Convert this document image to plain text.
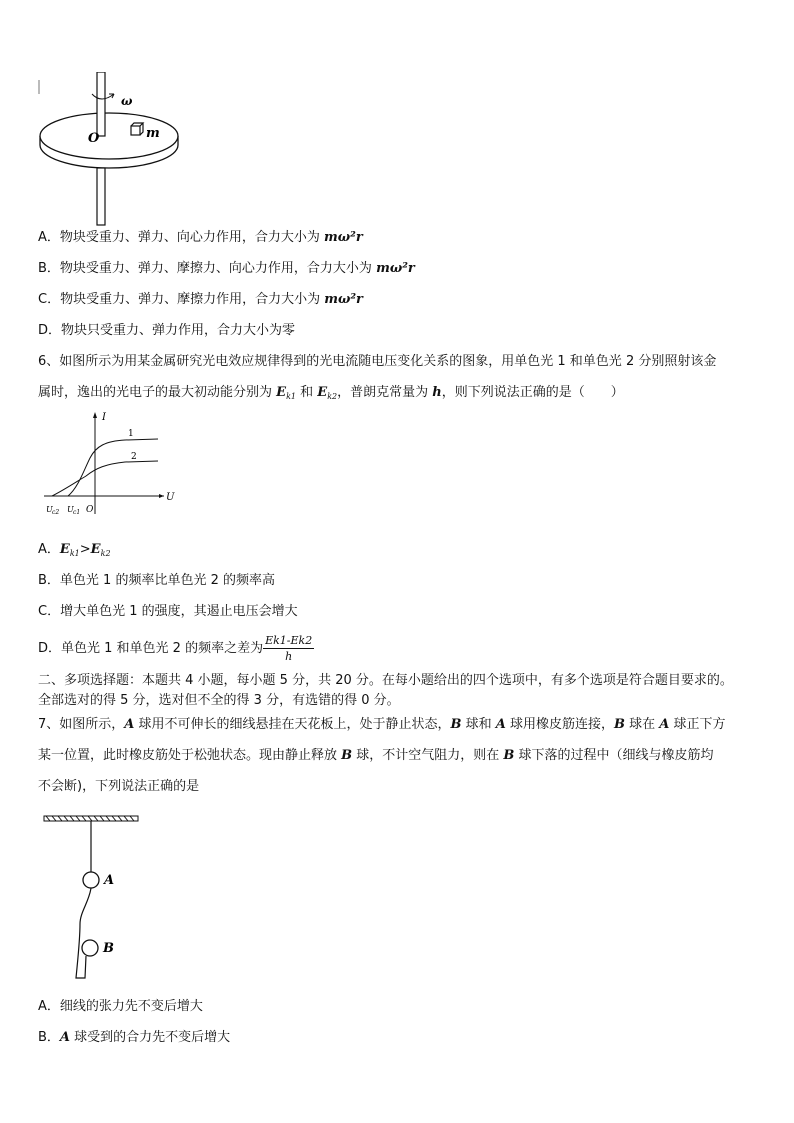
ω
O	m
A．物块受重力、弹力、向心力作用，合力大小为 mω²r
B．物块受重力、弹力、摩擦力、向心力作用，合力大小为 mω²r
C．物块受重力、弹力、摩擦力作用，合力大小为 mω²r
D．物块只受重力、弹力作用，合力大小为零
6、如图所示为用某金属研究光电效应规律得到的光电流随电压变化关系的图象，用单色光 1 和单色光 2 分别照射该金
属时，逸出的光电子的最大初动能分别为 $E_{k1}$ 和 $E_{k2}$，普朗克常量为 h，则下列说法正确的是（　　）
I
U
1
2
U c2 U c1 O
A．$E_{k1}>E_{k2}$
B．单色光 1 的频率比单色光 2 的频率高
C．增大单色光 1 的强度，其遏止电压会增大
D．单色光 1 和单色光 2 的频率之差为 $\frac{Ek1-Ek2}{h}$
二、多项选择题：本题共 4 小题，每小题 5 分，共 20 分。在每小题给出的四个选项中，有多个选项是符合题目要求的。
全部选对的得 5 分，选对但不全的得 3 分，有选错的得 0 分。
7、如图所示，A 球用不可伸长的细线悬挂在天花板上，处于静止状态，B 球和 A 球用橡皮筋连接，B 球在 A 球正下方
某一位置，此时橡皮筋处于松弛状态。现由静止释放 B 球，不计空气阻力，则在 B 球下落的过程中（细线与橡皮筋均
不会断)，下列说法正确的是
A
B
A．细线的张力先不变后增大
B．A 球受到的合力先不变后增大
